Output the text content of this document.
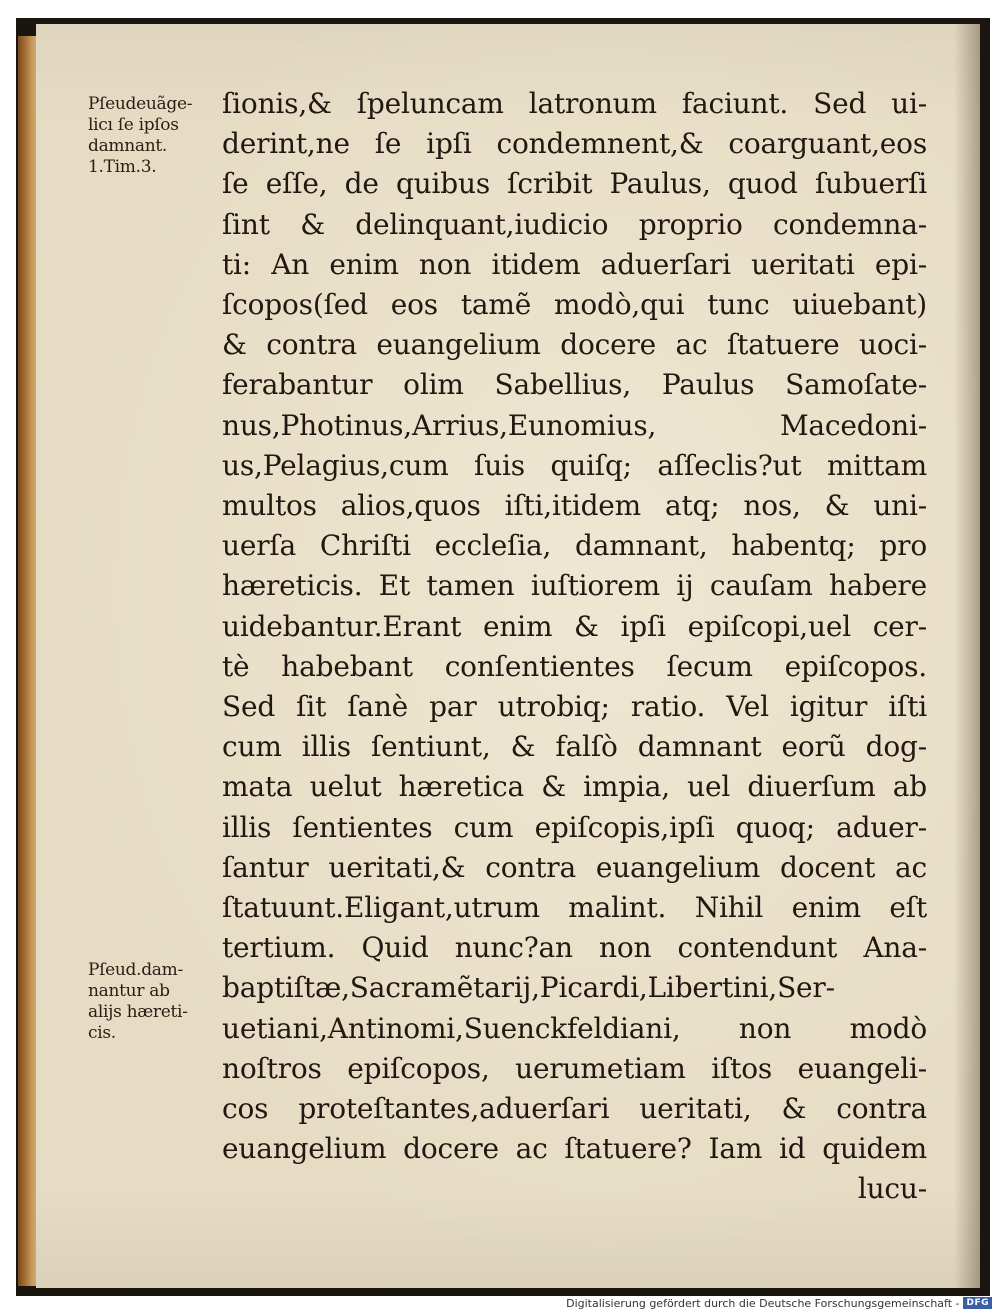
Pſeudeuãge-
licı ſe ipſos
damnant.
1.Tim.3.
Pſeud.dam-
nantur ab
alijs hæreti-
cis.
ſionis,& ſpeluncam latronum faciunt. Sed ui-
derint,ne ſe ipſi condemnent,& coarguant,eos
ſe eſſe, de quibus ſcribit Paulus, quod ſubuerſi
ſint & delinquant,iudicio proprio condemna-
ti: An enim non itidem aduerſari ueritati epi-
ſcopos(ſed eos tamẽ modò,qui tunc uiuebant)
& contra euangelium docere ac ſtatuere uoci-
ferabantur olim Sabellius, Paulus Samoſate-
nus,Photinus,Arrius,Eunomius, Macedoni-
us,Pelagius,cum ſuis quiſq; aſſeclis?ut mittam
multos alios,quos iſti,itidem atq; nos, & uni-
uerſa Chriſti eccleſia, damnant, habentq; pro
hæreticis. Et tamen iuſtiorem ij cauſam habere
uidebantur.Erant enim & ipſi epiſcopi,uel cer-
tè habebant conſentientes ſecum epiſcopos.
Sed ſit ſanè par utrobiq; ratio. Vel igitur iſti
cum illis ſentiunt, & falſò damnant eorũ dog-
mata uelut hæretica & impia, uel diuerſum ab
illis ſentientes cum epiſcopis,ipſi quoq; aduer-
ſantur ueritati,& contra euangelium docent ac
ſtatuunt.Eligant,utrum malint. Nihil enim eſt
tertium. Quid nunc?an non contendunt Ana-
baptiſtæ,Sacramẽtarij,Picardi,Libertini,Ser-
uetiani,Antinomi,Suenckfeldiani, non modò
noſtros epiſcopos, uerumetiam iſtos euangeli-
cos proteſtantes,aduerſari ueritati, & contra
euangelium docere ac ſtatuere? Iam id quidem
lucu-
Digitalisierung gefördert durch die Deutsche Forschungsgemeinschaft - DFG
